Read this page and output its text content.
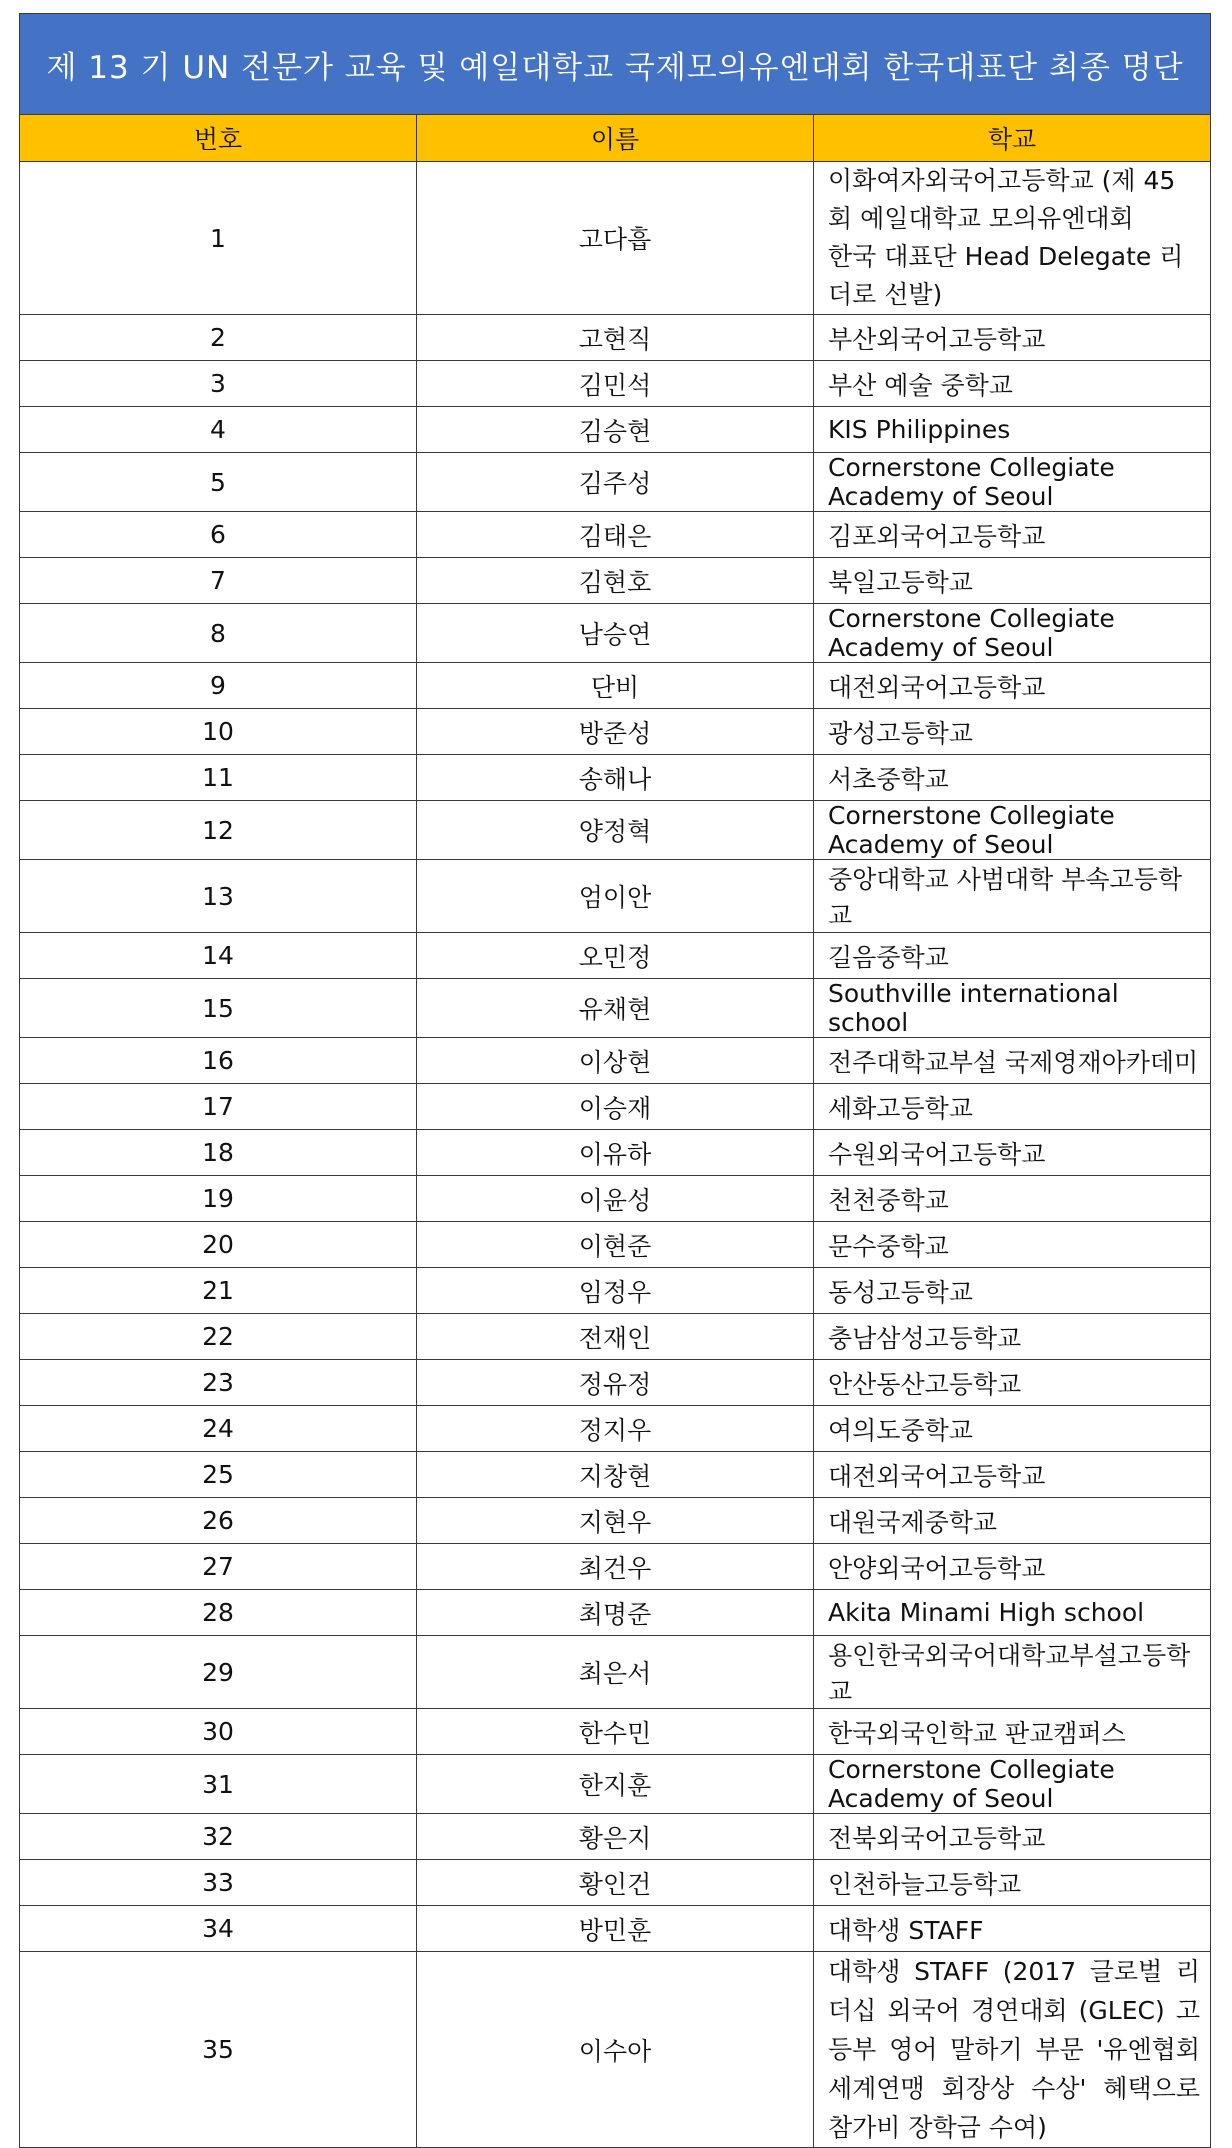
제 13 기 UN 전문가 교육 및 예일대학교 국제모의유엔대회 한국대표단 최종 명단		
번호	이름	학교
1	고다흡	이화여자외국어고등학교 (제 45 회 예일대학교 모의유엔대회
한국 대표단 Head Delegate 리더로 선발)
2	고현직	부산외국어고등학교
3	김민석	부산 예술 중학교
4	김승현	KIS Philippines
5	김주성	Cornerstone Collegiate Academy of Seoul
6	김태은	김포외국어고등학교
7	김현호	북일고등학교
8	남승연	Cornerstone Collegiate Academy of Seoul
9	단비	대전외국어고등학교
10	방준성	광성고등학교
11	송해나	서초중학교
12	양정혁	Cornerstone Collegiate Academy of Seoul
13	엄이안	중앙대학교 사범대학 부속고등학교
14	오민정	길음중학교
15	유채현	Southville international school
16	이상현	전주대학교부설 국제영재아카데미
17	이승재	세화고등학교
18	이유하	수원외국어고등학교
19	이윤성	천천중학교
20	이현준	문수중학교
21	임정우	동성고등학교
22	전재인	충남삼성고등학교
23	정유정	안산동산고등학교
24	정지우	여의도중학교
25	지창현	대전외국어고등학교
26	지현우	대원국제중학교
27	최건우	안양외국어고등학교
28	최명준	Akita Minami High school
29	최은서	용인한국외국어대학교부설고등학교
30	한수민	한국외국인학교 판교캠퍼스
31	한지훈	Cornerstone Collegiate Academy of Seoul
32	황은지	전북외국어고등학교
33	황인건	인천하늘고등학교
34	방민훈	대학생 STAFF
35	이수아	대학생 STAFF (2017 글로벌 리더십 외국어 경연대회 (GLEC) 고등부 영어 말하기 부문 '유엔협회세계연맹 회장상 수상' 혜택으로 참가비 장학금 수여)
